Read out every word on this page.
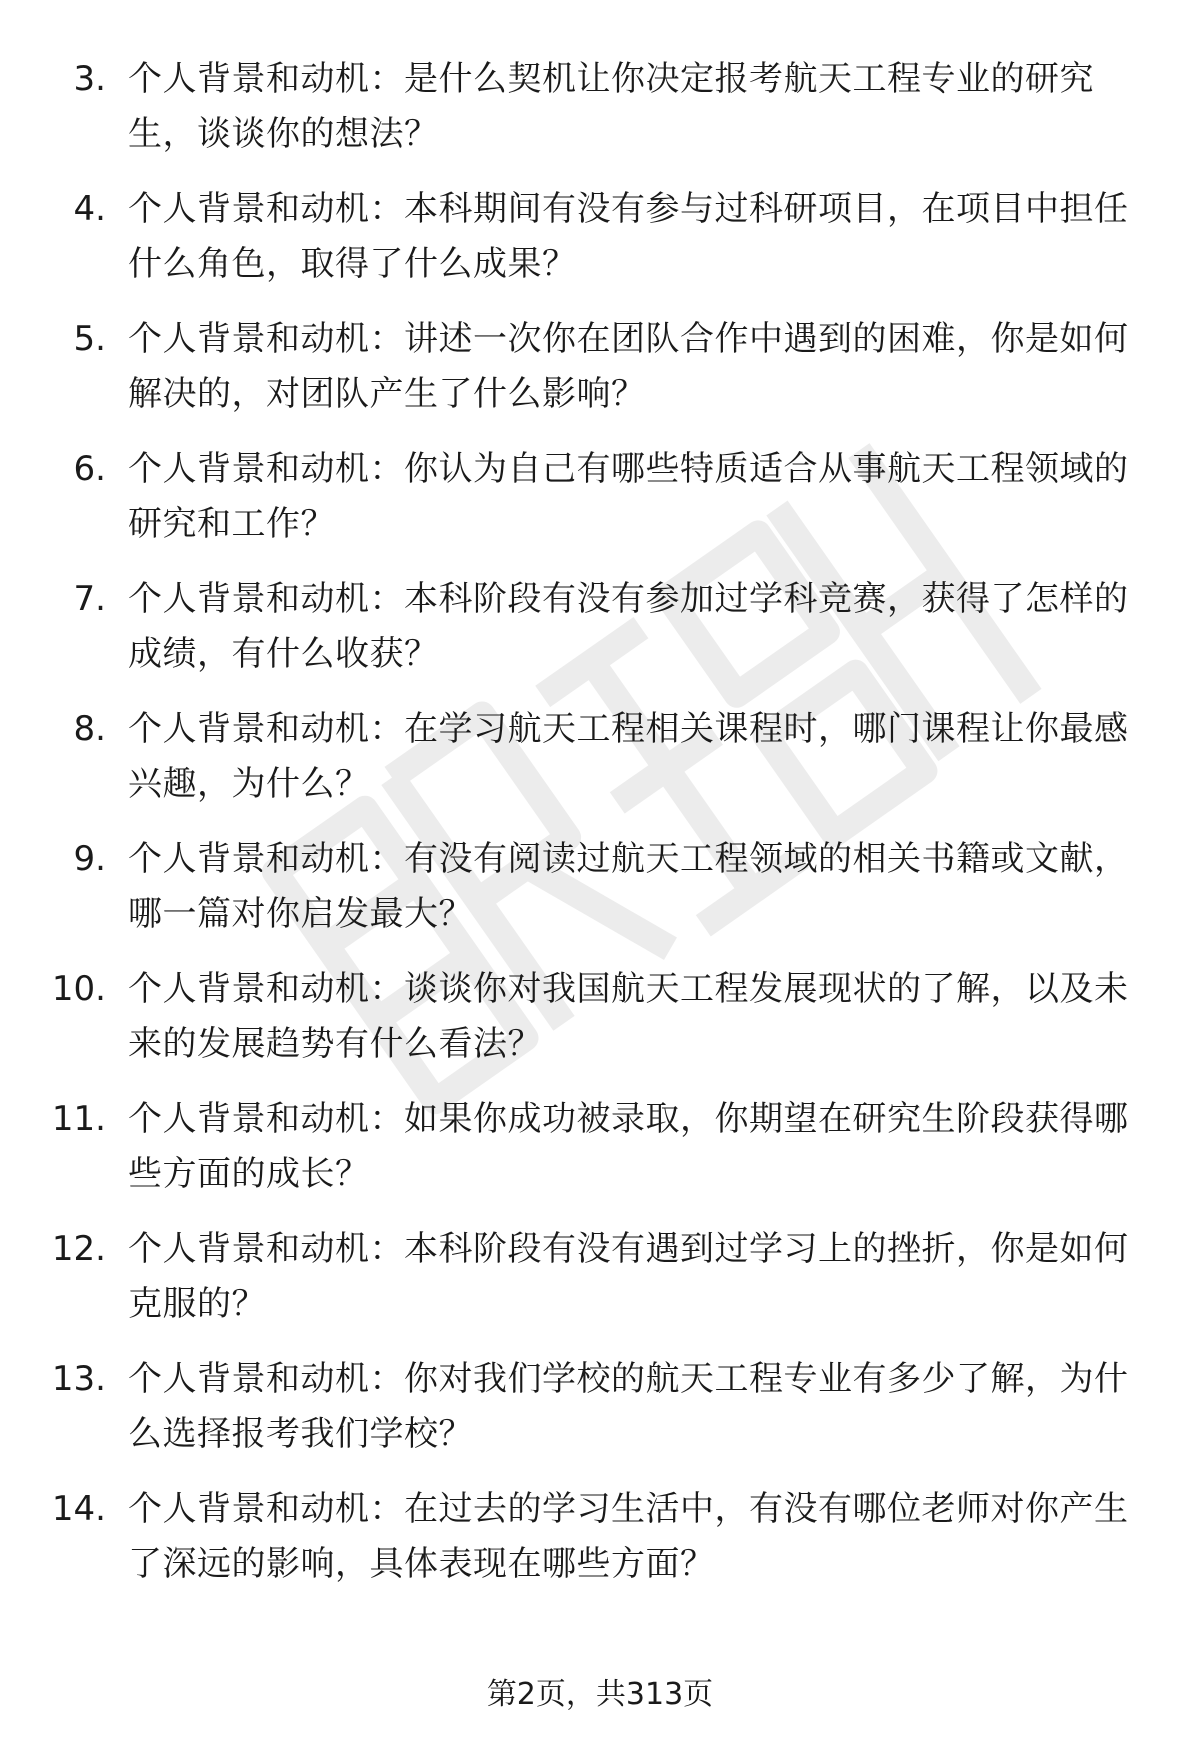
3. 个人背景和动机：是什么契机让你决定报考航天工程专业的研究生，谈谈你的想法？
4. 个人背景和动机：本科期间有没有参与过科研项目，在项目中担任什么角色，取得了什么成果？
5. 个人背景和动机：讲述一次你在团队合作中遇到的困难，你是如何解决的，对团队产生了什么影响？
6. 个人背景和动机：你认为自己有哪些特质适合从事航天工程领域的研究和工作？
7. 个人背景和动机：本科阶段有没有参加过学科竞赛，获得了怎样的成绩，有什么收获？
8. 个人背景和动机：在学习航天工程相关课程时，哪门课程让你最感兴趣，为什么？
9. 个人背景和动机：有没有阅读过航天工程领域的相关书籍或文献，哪一篇对你启发最大？
10. 个人背景和动机：谈谈你对我国航天工程发展现状的了解，以及未来的发展趋势有什么看法？
11. 个人背景和动机：如果你成功被录取，你期望在研究生阶段获得哪些方面的成长？
12. 个人背景和动机：本科阶段有没有遇到过学习上的挫折，你是如何克服的？
13. 个人背景和动机：你对我们学校的航天工程专业有多少了解，为什么选择报考我们学校？
14. 个人背景和动机：在过去的学习生活中，有没有哪位老师对你产生了深远的影响，具体表现在哪些方面？
第2页，共313页
